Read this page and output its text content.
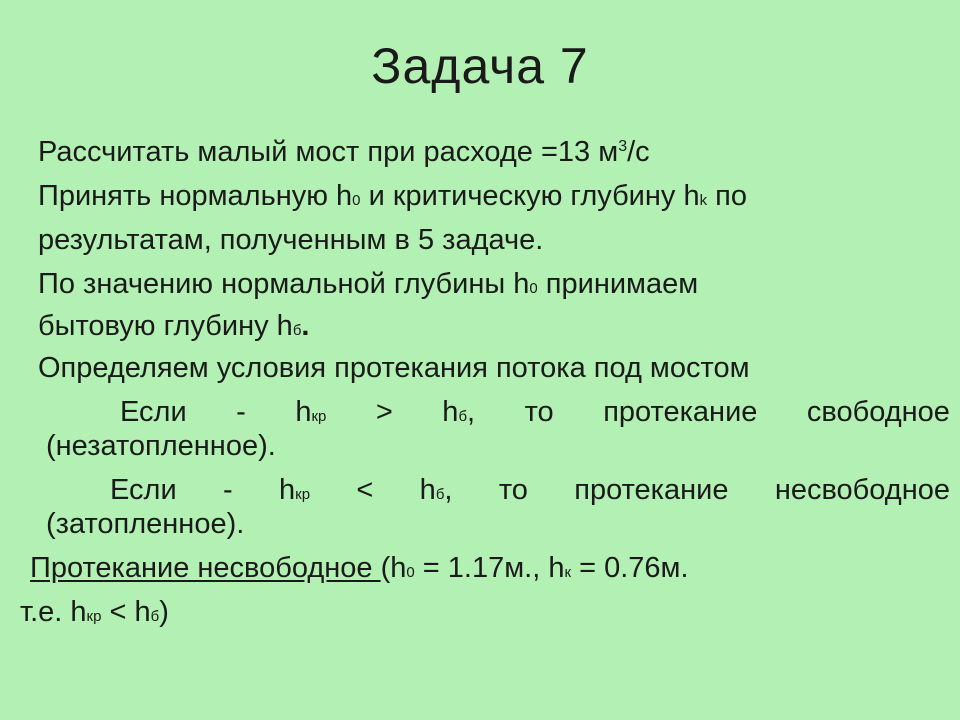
Задача 7
Рассчитать малый мост при расходе =13 $м^3/с$
Принять нормальную h0 и критическую глубину hk по
результатам, полученным в 5 задаче.
По значению нормальной глубины h0 принимаем
бытовую глубину hб.
Определяем условия протекания потока под мостом
Если - hкр > hб, то протекание свободное
(незатопленное).
Если - hкр < hб, то протекание несвободное
(затопленное).
Протекание несвободное (h0 = 1.17м., hк = 0.76м.
т.е. hкр < hб)
